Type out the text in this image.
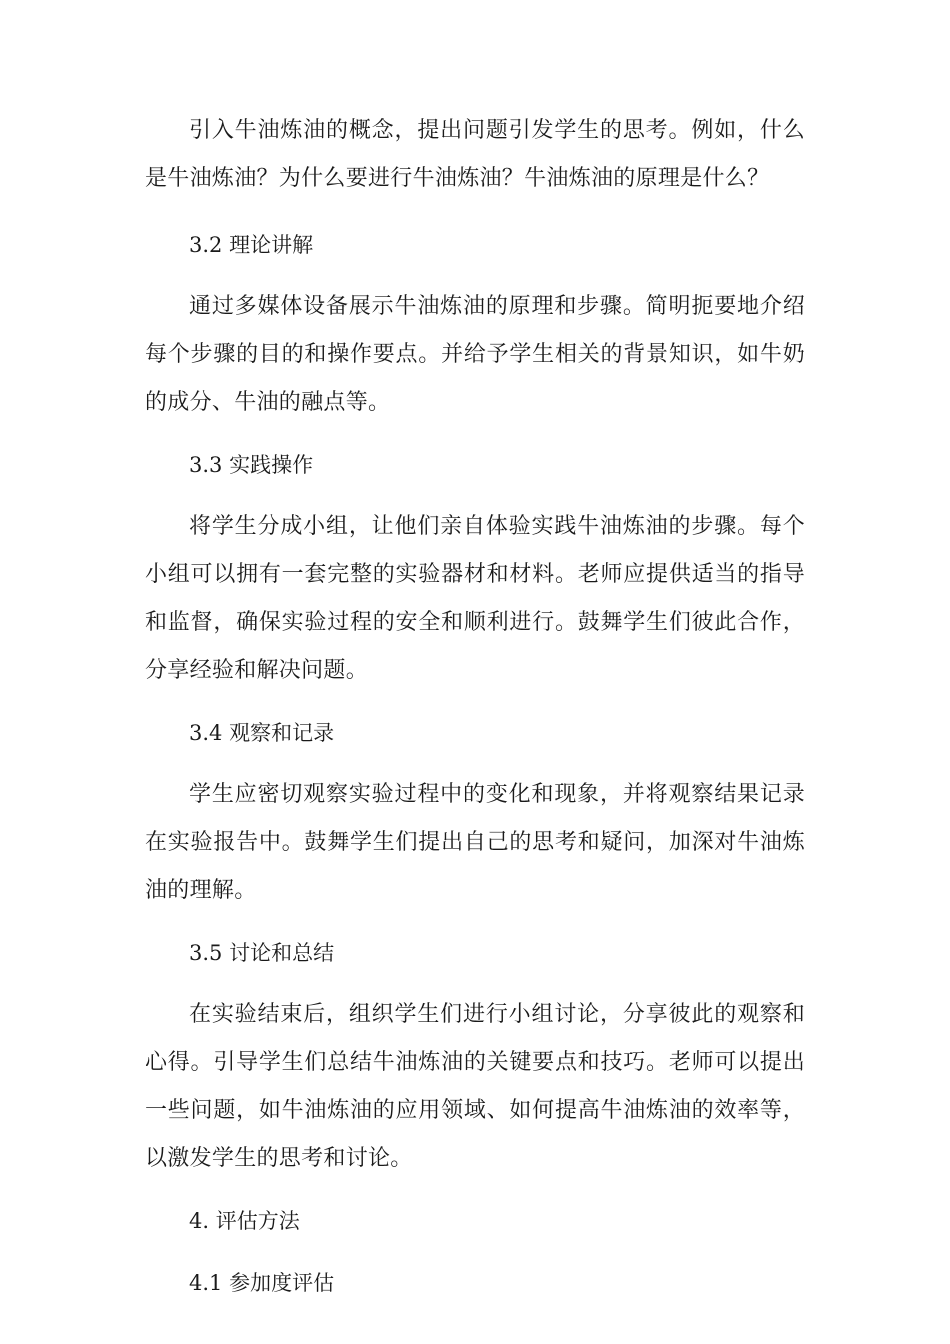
引入牛油炼油的概念，提出问题引发学生的思考。例如，什么是牛油炼油？为什么要进行牛油炼油？牛油炼油的原理是什么？

3.2 理论讲解

通过多媒体设备展示牛油炼油的原理和步骤。简明扼要地介绍每个步骤的目的和操作要点。并给予学生相关的背景知识，如牛奶的成分、牛油的融点等。

3.3 实践操作

将学生分成小组，让他们亲自体验实践牛油炼油的步骤。每个小组可以拥有一套完整的实验器材和材料。老师应提供适当的指导和监督，确保实验过程的安全和顺利进行。鼓舞学生们彼此合作，分享经验和解决问题。

3.4 观察和记录

学生应密切观察实验过程中的变化和现象，并将观察结果记录在实验报告中。鼓舞学生们提出自己的思考和疑问，加深对牛油炼油的理解。

3.5 讨论和总结

在实验结束后，组织学生们进行小组讨论，分享彼此的观察和心得。引导学生们总结牛油炼油的关键要点和技巧。老师可以提出一些问题，如牛油炼油的应用领域、如何提高牛油炼油的效率等，以激发学生的思考和讨论。

4. 评估方法

4.1 参加度评估
